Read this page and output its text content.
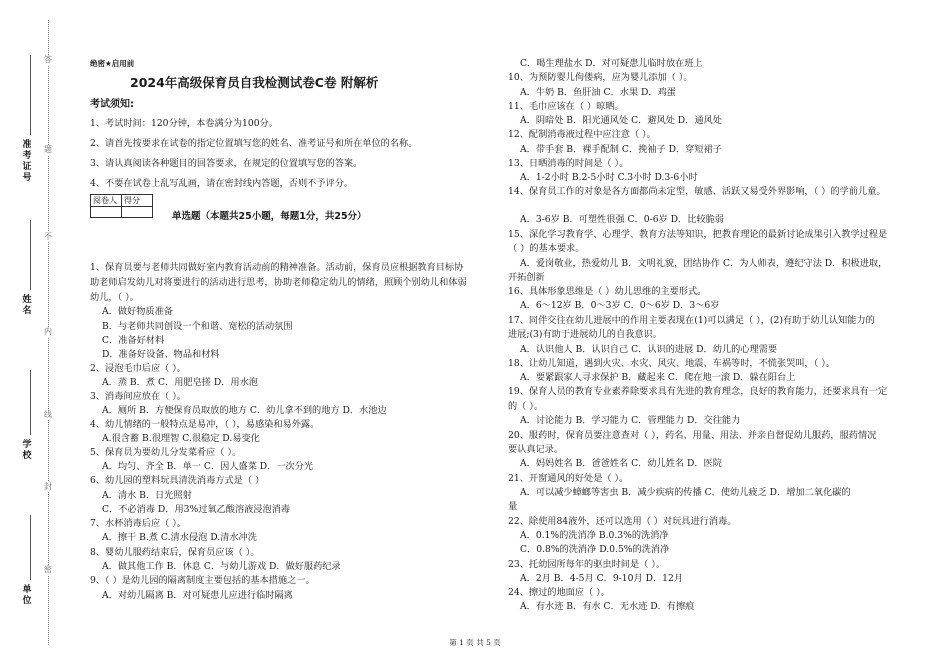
答
题
不
内
线
封
密
准考证号
姓名
学校
单位
绝密★启用前
2024年高级保育员自我检测试卷C卷 附解析
考试须知:
1、考试时间：120分钟，本卷满分为100分。
2、请首先按要求在试卷的指定位置填写您的姓名、准考证号和所在单位的名称。
3、请认真阅读各种题目的回答要求，在规定的位置填写您的答案。
4、不要在试卷上乱写乱画，请在密封线内答题，否则不予评分。
阅卷人	得分

单选题（本题共25小题，每题1分，共25分）
1、保育员要与老师共同做好室内教育活动前的精神准备。活动前，保育员应根据教育目标协
助老师启发幼儿对将要进行的活动进行思考，协助老师稳定幼儿的情绪，照顾个别幼儿和体弱
幼儿，（ ）。
A．做好物质准备
B．与老师共同创设一个和谐、宽松的活动氛围
C．准备好材料
D．准备好设备、物品和材料
2、浸泡毛巾后应（ ）。
A．蒸 B．煮 C．用肥皂搓 D．用水泡
3、消毒间应放在（ ）。
A．厕所 B．方便保育员取放的地方 C．幼儿拿不到的地方 D．水池边
4、幼儿情绪的一般特点是易冲，（ ），易感染和易外露。
A.很含蓄 B.很理智 C.很稳定 D.易变化
5、保育员为要幼儿分发菜肴应（ ）。
A．均匀、齐全 B．单一 C．因人盛菜 D．一次分光
6、幼儿园的塑料玩具清洗消毒方式是（ ）
A．清水 B．日光照射
C．不必消毒 D．用3%过氧乙酸溶液浸泡消毒
7、水杯消毒后应（ ）。
A．擦干 B.煮 C.清水侵泡 D.清水冲洗
8、婴幼儿服药结束后，保育员应该（ ）。
A．做其他工作 B．休息 C．与幼儿游戏 D．做好服药纪录
9、（ ）是幼儿园的隔离制度主要包括的基本措施之一。
A．对幼儿隔离 B．对可疑患儿应进行临时隔离
C．喝生理盐水 D．对可疑患儿临时放在班上
10、为预防婴儿佝偻病，应为婴儿添加（ ）。
A．牛奶 B．鱼肝油 C．水果 D．鸡蛋
11、毛巾应该在（ ）晾晒。
A．阴暗处 B．阳光通风处 C．避风处 D．通风处
12、配制消毒液过程中应注意（ ）。
A．带手套 B．裸手配制 C．挽袖子 D．穿短裙子
13、日晒消毒的时间是（ ）。
A．1-2小时 B.2-5小时 C.3小时 D.3-6小时
14、保育员工作的对象是各方面都尚未定型，敏感、活跃又易受外界影响，（ ）的学前儿童。
A．3-6岁 B．可塑性很强 C．0-6岁 D．比较脆弱
15、深化学习教育学、心理学、教育方法等知识，把教育理论的最新讨论成果引入教学过程是
（ ）的基本要求。
A．爱岗敬业，热爱幼儿 B．文明礼貌，团结协作 C．为人师表，遵纪守法 D．积极进取，
开拓创新
16、具体形象思维是（ ）幼儿思维的主要形式。
A．6～12岁 B．0～3岁 C．0～6岁 D．3～6岁
17、同伴交往在幼儿进展中的作用主要表现在(1)可以满足（ ），(2)有助于幼儿认知能力的
进展;(3)有助于进展幼儿的自我意识。
A．认识他人 B．认识自己 C．认识的进展 D．幼儿的心理需要
18、让幼儿知道，遇到火灾、水灾、风灾、地震、车祸等时，不慌张哭叫，（ ）。
A．要紧跟家人寻求保护 B．藏起来 C．爬在地一滚 D．躲在阳台上
19、保育人员的教育专业素养除要求具有先进的教育理念，良好的教育能力，还要求具有一定
的（ ）。
A．讨论能力 B．学习能力 C．管理能力 D．交往能力
20、服药时，保育员要注意查对（ ），药名、用量、用法、并亲自督促幼儿服药，服药情况
要认真记录。
A．妈妈姓名 B．爸爸姓名 C．幼儿姓名 D．医院
21、开窗通风的好处是（ ）。
A．可以减少蟑螂等害虫 B．减少疾病的传播 C．使幼儿疲乏 D．增加二氧化碳的
量
22、除使用84液外，还可以选用（ ）对玩具进行消毒。
A．0.1%的洗消净 B.0.3%的洗消净
C．0.8%的洗消净 D.0.5%的洗消净
23、托幼园所每年的驱虫时间是（ ）。
A．2月 B．4-5月 C．9-10月 D．12月
24、擦过的地面应（ ）。
A．有水迹 B．有水 C．无水迹 D．有擦痕
第 1 页 共 5 页
